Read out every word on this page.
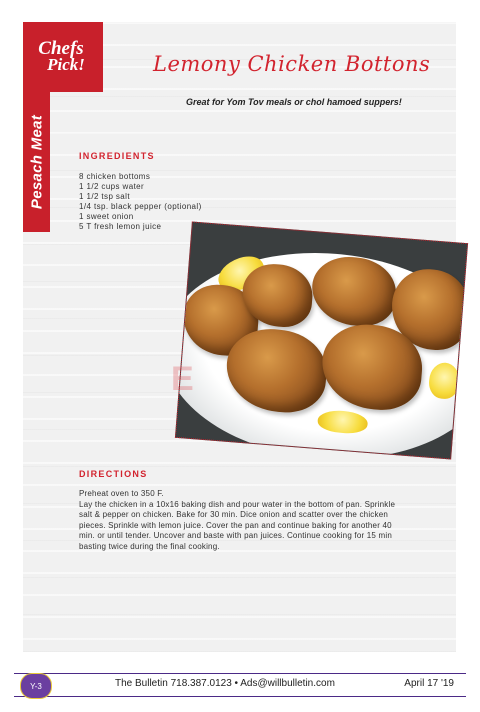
Chefs
Pick!
Pesach Meat
Lemony Chicken Bottons
Great for Yom Tov meals or chol hamoed suppers!
INGREDIENTS
8 chicken bottoms
1 1/2 cups water
1 1/2 tsp salt
1/4 tsp. black pepper (optional)
1 sweet onion
5 T fresh lemon juice
E
DIRECTIONS

Preheat oven to 350 F.
Lay the chicken in a 10x16 baking dish and pour water in the bottom of pan. Sprinkle salt & pepper on chicken. Bake for 30 min. Dice onion and scatter over the chicken pieces. Sprinkle with lemon juice. Cover the pan and continue baking for another 40 min. or until tender. Uncover and baste with pan juices. Continue cooking for 15 min basting twice during the final cooking.

Y-3	The Bulletin 718.387.0123 • Ads@willbulletin.com	April 17 '19
